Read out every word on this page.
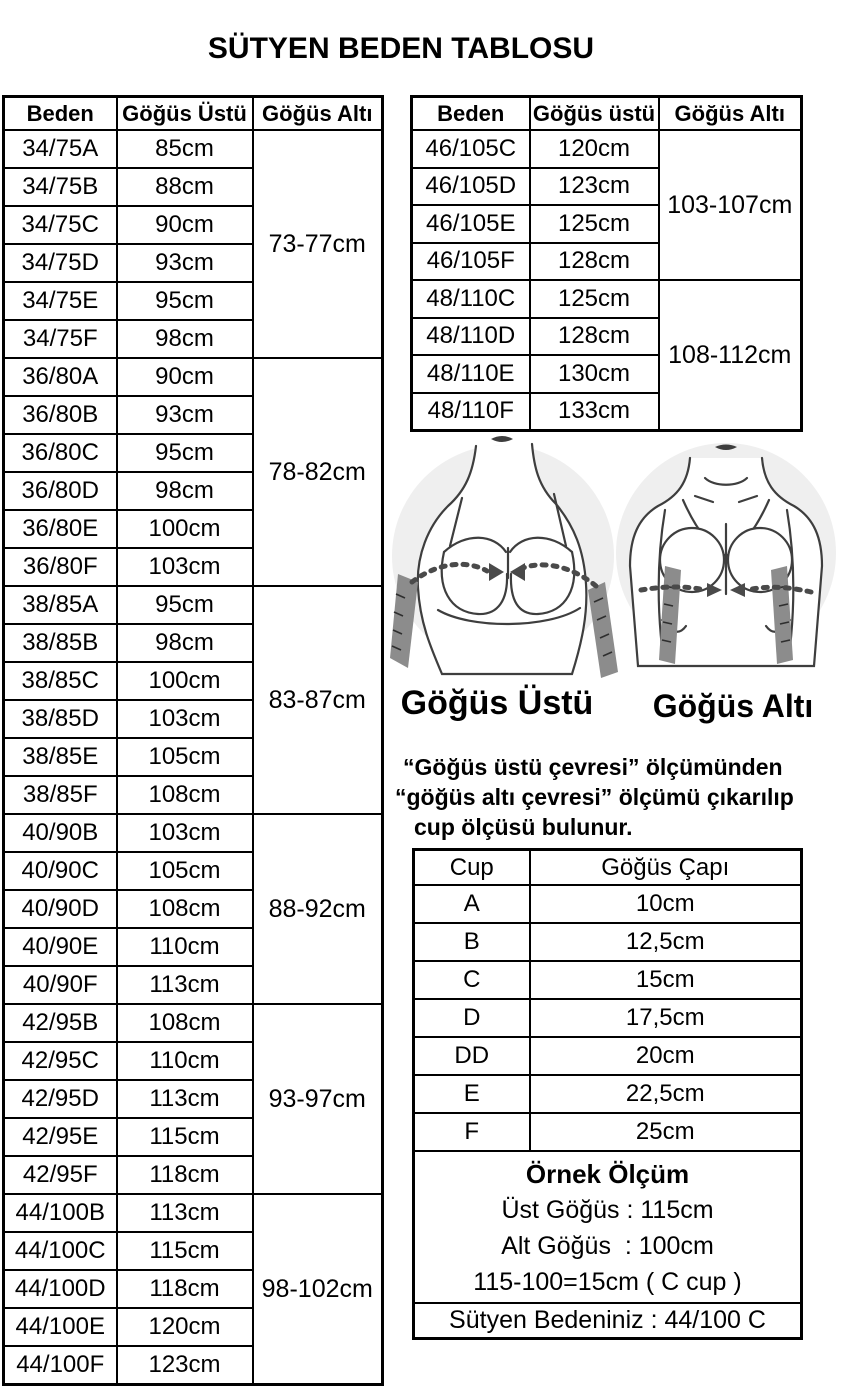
SÜTYEN BEDEN TABLOSU
Beden	Göğüs Üstü	Göğüs Altı
34/75A	85cm	73-77cm
34/75B	88cm	
34/75C	90cm	
34/75D	93cm	
34/75E	95cm	
34/75F	98cm	
36/80A	90cm	78-82cm
36/80B	93cm	
36/80C	95cm	
36/80D	98cm	
36/80E	100cm	
36/80F	103cm	
38/85A	95cm	83-87cm
38/85B	98cm	
38/85C	100cm	
38/85D	103cm	
38/85E	105cm	
38/85F	108cm	
40/90B	103cm	88-92cm
40/90C	105cm	
40/90D	108cm	
40/90E	110cm	
40/90F	113cm	
42/95B	108cm	93-97cm
42/95C	110cm	
42/95D	113cm	
42/95E	115cm	
42/95F	118cm	
44/100B	113cm	98-102cm
44/100C	115cm	
44/100D	118cm	
44/100E	120cm	
44/100F	123cm	
Beden	Göğüs üstü	Göğüs Altı
46/105C	120cm	103-107cm
46/105D	123cm	
46/105E	125cm	
46/105F	128cm	
48/110C	125cm	108-112cm
48/110D	128cm	
48/110E	130cm	
48/110F	133cm	
Göğüs Üstü	Göğüs Altı
“Göğüs üstü çevresi” ölçümünden
“göğüs altı çevresi” ölçümü çıkarılıp
cup ölçüsü bulunur.
Cup	Göğüs Çapı
A	10cm
B	12,5cm
C	15cm
D	17,5cm
DD	20cm
E	22,5cm
F	25cm

Örnek Ölçüm
Üst Göğüs : 115cm
Alt Göğüs  : 100cm
115-100=15cm ( C cup )	

Sütyen Bedeniniz : 44/100 C	
